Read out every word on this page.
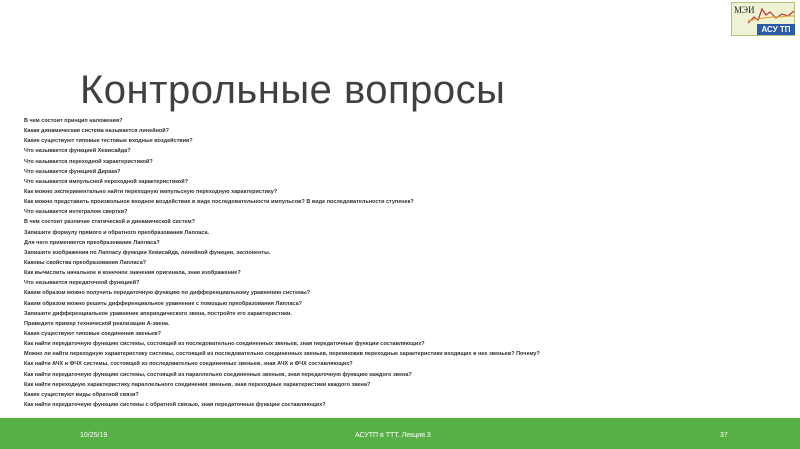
МЭИ
АСУ ТП
Контрольные вопросы
В чем состоит принцип наложения?
Какая динамическая система называется линейной?
Какие существуют типовые тестовые входные воздействия?
Что называется функцией Хевисайда?
Что называется переходной характеристикой?
Что называется функцией Дирака?
Что называется импульсной переходной характеристикой?
Как можно экспериментально найти переходную импульсную переходную характеристику?
Как можно представить произвольное входное воздействие в виде последовательности импульсов? В виде последовательности ступенек?
Что называется интегралом свертки?
В чем состоит различие статической и динамической систем?
Запишите формулу прямого и обратного преобразования Лапласа.
Для чего применяется преобразование Лапласа?
Запишите изображения по Лапласу функции Хевисайда, линейной функции, экспоненты.
Каковы свойства преобразования Лапласа?
Как вычислить начальное и конечное значения оригинала, зная изображение?
Что называется передаточной функцией?
Каким образом можно получить передаточную функцию по дифференциальному уравнению системы?
Каким образом можно решить дифференциальное уравнение с помощью преобразования Лапласа?
Запишите дифференциальное уравнение апериодического звена, постройте его характеристики.
Приведите пример технической реализации А-звена.
Какие существуют типовые соединения звеньев?
Как найти передаточную функцию системы, состоящей из последовательно соединенных звеньев, зная передаточные функции составляющих?
Можно ли найти переходную характеристику системы, состоящей из последовательно соединенных звеньев, перемножив переходные характеристики входящих в нее звеньев? Почему?
Как найти АЧХ и ФЧХ системы, состоящей из последовательно соединенных звеньев, зная АЧХ и ФЧХ составляющих?
Как найти передаточную функцию системы, состоящей из параллельно соединенных звеньев, зная передаточную функцию каждого звена?
Как найти переходную характеристику параллельного соединения звеньев, зная переходные характеристики каждого звена?
Какие существуют виды обратной связи?
Как найти передаточную функцию системы с обратной связью, зная передаточные функции составляющих?
10/25/19	АСУТП в ТТТ. Лекция 3	37
